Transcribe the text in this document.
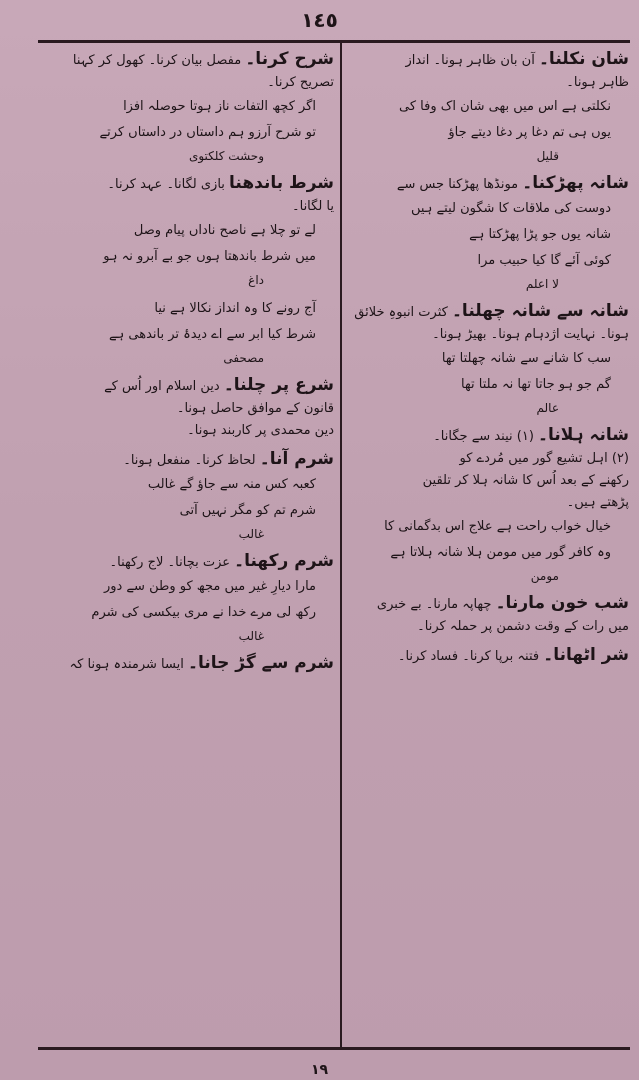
١٤٥
شان نکلنا۔ آن بان ظاہر ہونا۔ انداز
ظاہر ہونا۔
نکلتی ہے اس میں بھی شان اک وفا کی
یوں ہی تم دغا پر دغا دیتے جاؤ
قلیل
شانہ پھڑکنا۔ مونڈھا پھڑکنا جس سے
دوست کی ملاقات کا شگون لیتے ہیں
شانہ یوں جو پڑا پھڑکتا ہے
کوئی آئے گا کیا حبیب مرا
لا اعلم
شانہ سے شانہ چھلنا۔ کثرت انبوہِ خلائق
ہونا۔ نہایت اژدہام ہونا۔ بھیڑ ہونا۔
سب کا شانے سے شانہ چھلتا تھا
گم جو ہو جاتا تھا نہ ملتا تھا
عالم
شانہ ہلانا۔ (۱) نیند سے جگانا۔
(۲) اہل تشیع گور میں مُردے کو
رکھنے کے بعد اُس کا شانہ ہلا کر تلقین
پڑھتے ہیں۔
خیال خواب راحت ہے علاج اس بدگمانی کا
وہ کافر گور میں مومن ہلا شانہ ہلاتا ہے
مومن
شب خون مارنا۔ چھاپہ مارنا۔ بے خبری
میں رات کے وقت دشمن پر حملہ کرنا۔
شر اٹھانا۔ فتنہ برپا کرنا۔ فساد کرنا۔
شرح کرنا۔ مفصل بیان کرنا۔ کھول کر کہنا
تصریح کرنا۔
اگر کچھ التفات ناز ہوتا حوصلہ افزا
تو شرح آرزو ہم داستاں در داستاں کرتے
وحشت کلکتوی
شرط باندھنا بازی لگانا۔ عہد کرنا۔
یا لگانا۔
لے تو چلا ہے ناصح ناداں پیام وصل
میں شرط باندھتا ہوں جو بے آبرو نہ ہو
داغ
آج رونے کا وہ انداز نکالا ہے نیا
شرط کیا ابر سے اے دیدۂ تر باندھی ہے
مصحفی
شرع پر چلنا۔ دین اسلام اور اُس کے
قانون کے موافق حاصل ہونا۔
دین محمدی پر کاربند ہونا۔
شرم آنا۔ لحاظ کرنا۔ منفعل ہونا۔
کعبہ کس منہ سے جاؤ گے غالب
شرم تم کو مگر نہیں آتی
غالب
شرم رکھنا۔ عزت بچانا۔ لاج رکھنا۔
مارا دیارِ غیر میں مجھ کو وطن سے دور
رکھ لی مرے خدا نے مری بیکسی کی شرم
غالب
شرم سے گڑ جانا۔ ایسا شرمندہ ہونا کہ
١٩
